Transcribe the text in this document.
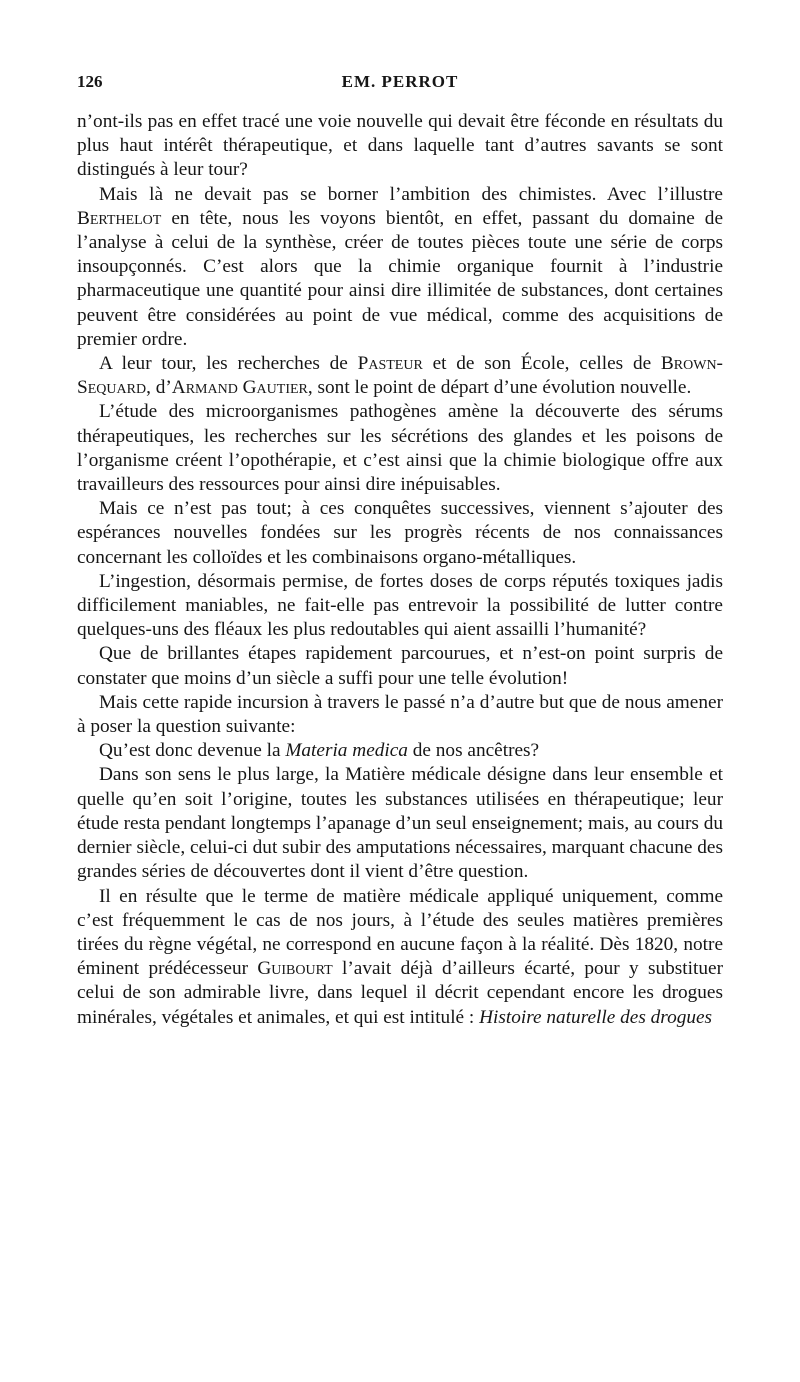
126	EM. PERROT

n’ont-ils pas en effet tracé une voie nouvelle qui devait être féconde en résultats du plus haut intérêt thérapeutique, et dans laquelle tant d’autres savants se sont distingués à leur tour?

Mais là ne devait pas se borner l’ambition des chimistes. Avec l’illustre Berthelot en tête, nous les voyons bientôt, en effet, passant du domaine de l’analyse à celui de la synthèse, créer de toutes pièces toute une série de corps insoupçonnés. C’est alors que la chimie organique fournit à l’industrie pharmaceutique une quantité pour ainsi dire illimitée de substances, dont certaines peuvent être considérées au point de vue médical, comme des acquisitions de premier ordre.

A leur tour, les recherches de Pasteur et de son École, celles de Brown-Sequard, d’Armand Gautier, sont le point de départ d’une évolution nouvelle.

L’étude des microorganismes pathogènes amène la découverte des sérums thérapeutiques, les recherches sur les sécrétions des glandes et les poisons de l’organisme créent l’opothérapie, et c’est ainsi que la chimie biologique offre aux travailleurs des ressources pour ainsi dire inépuisables.

Mais ce n’est pas tout; à ces conquêtes successives, viennent s’ajouter des espérances nouvelles fondées sur les progrès récents de nos connaissances concernant les colloïdes et les combinaisons organo-métalliques.

L’ingestion, désormais permise, de fortes doses de corps réputés toxiques jadis difficilement maniables, ne fait-elle pas entrevoir la possibilité de lutter contre quelques-uns des fléaux les plus redoutables qui aient assailli l’humanité?

Que de brillantes étapes rapidement parcourues, et n’est-on point surpris de constater que moins d’un siècle a suffi pour une telle évolution!

Mais cette rapide incursion à travers le passé n’a d’autre but que de nous amener à poser la question suivante:

Qu’est donc devenue la Materia medica de nos ancêtres?

Dans son sens le plus large, la Matière médicale désigne dans leur ensemble et quelle qu’en soit l’origine, toutes les substances utilisées en thérapeutique; leur étude resta pendant longtemps l’apanage d’un seul enseignement; mais, au cours du dernier siècle, celui-ci dut subir des amputations nécessaires, marquant chacune des grandes séries de découvertes dont il vient d’être question.

Il en résulte que le terme de matière médicale appliqué uniquement, comme c’est fréquemment le cas de nos jours, à l’étude des seules matières premières tirées du règne végétal, ne correspond en aucune façon à la réalité. Dès 1820, notre éminent prédécesseur Guibourt l’avait déjà d’ailleurs écarté, pour y substituer celui de son admirable livre, dans lequel il décrit cependant encore les drogues minérales, végétales et animales, et qui est intitulé : Histoire naturelle des drogues
